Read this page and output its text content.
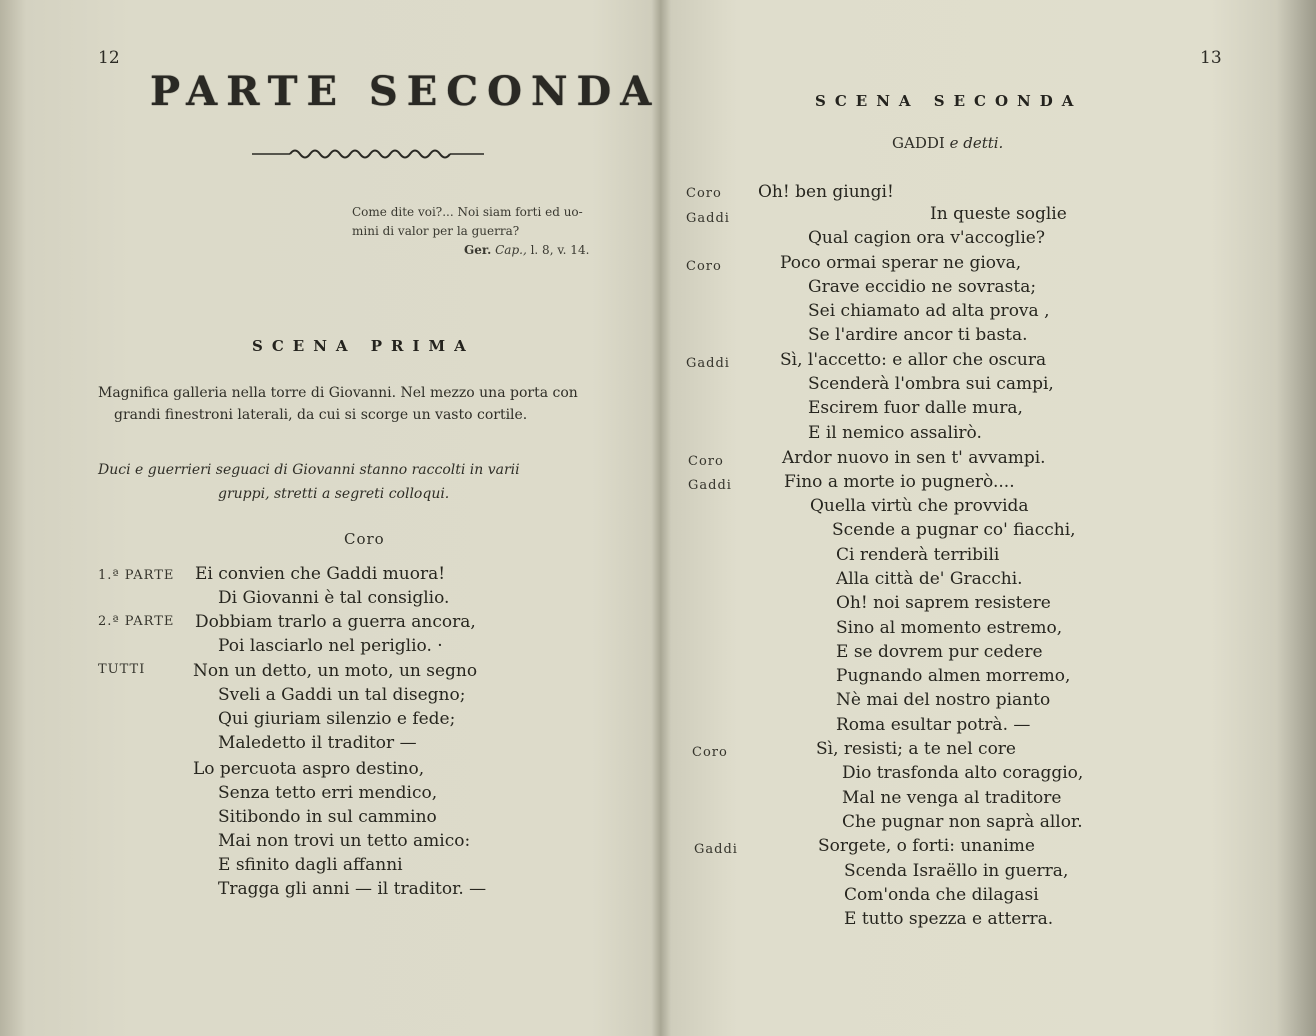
12
PARTE SECONDA
Come dite voi?... Noi siam forti ed uo-
mini di valor per la guerra?
Ger. Cap., l. 8, v. 14.
SCENA PRIMA
Magnifica galleria nella torre di Giovanni. Nel mezzo una porta con
grandi finestroni laterali, da cui si scorge un vasto cortile.
Duci e guerrieri seguaci di Giovanni stanno raccolti in varii
gruppi, stretti a segreti colloqui.
Coro
1.ª PARTE
2.ª PARTE
TUTTI
Ei convien che Gaddi muora!
Di Giovanni è tal consiglio.
Dobbiam trarlo a guerra ancora,
Poi lasciarlo nel periglio. ·
Non un detto, un moto, un segno
Sveli a Gaddi un tal disegno;
Qui giuriam silenzio e fede;
Maledetto il traditor —
Lo percuota aspro destino,
Senza tetto erri mendico,
Sitibondo in sul cammino
Mai non trovi un tetto amico:
E sfinito dagli affanni
Tragga gli anni — il traditor. —
13
SCENA SECONDA
GADDI e detti.
Coro
Gaddi
Coro
Gaddi
Coro
Gaddi
Coro
Gaddi
Oh! ben giungi!
In queste soglie
Qual cagion ora v'accoglie?
Poco ormai sperar ne giova,
Grave eccidio ne sovrasta;
Sei chiamato ad alta prova ,
Se l'ardire ancor ti basta.
Sì, l'accetto: e allor che oscura
Scenderà l'ombra sui campi,
Escirem fuor dalle mura,
E il nemico assalirò.
Ardor nuovo in sen t' avvampi.
Fino a morte io pugnerò....
Quella virtù che provvida
Scende a pugnar co' fiacchi,
Ci renderà terribili
Alla città de' Gracchi.
Oh! noi saprem resistere
Sino al momento estremo,
E se dovrem pur cedere
Pugnando almen morremo,
Nè mai del nostro pianto
Roma esultar potrà. —
Sì, resisti; a te nel core
Dio trasfonda alto coraggio,
Mal ne venga al traditore
Che pugnar non saprà allor.
Sorgete, o forti: unanime
Scenda Israëllo in guerra,
Com'onda che dilagasi
E tutto spezza e atterra.
